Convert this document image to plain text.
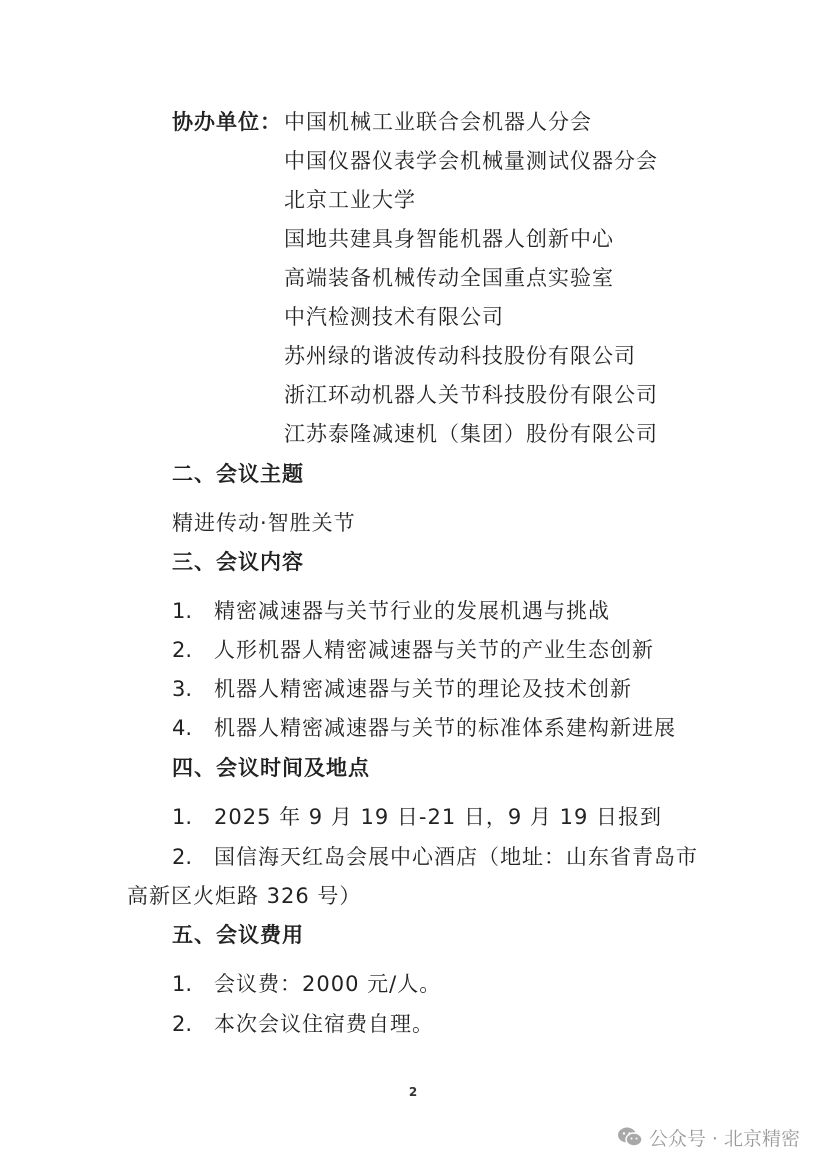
协办单位： 中国机械工业联合会机器人分会
中国仪器仪表学会机械量测试仪器分会
北京工业大学
国地共建具身智能机器人创新中心
高端装备机械传动全国重点实验室
中汽检测技术有限公司
苏州绿的谐波传动科技股份有限公司
浙江环动机器人关节科技股份有限公司
江苏泰隆减速机（集团）股份有限公司
二、会议主题
精进传动·智胜关节
三、会议内容
1. 精密减速器与关节行业的发展机遇与挑战
2. 人形机器人精密减速器与关节的产业生态创新
3. 机器人精密减速器与关节的理论及技术创新
4. 机器人精密减速器与关节的标准体系建构新进展
四、会议时间及地点
1. 2025 年 9 月 19 日-21 日，9 月 19 日报到
2. 国信海天红岛会展中心酒店（地址：山东省青岛市
高新区火炬路 326 号）
五、会议费用
1. 会议费：2000 元/人。
2. 本次会议住宿费自理。
2
公众号 · 北京精密
